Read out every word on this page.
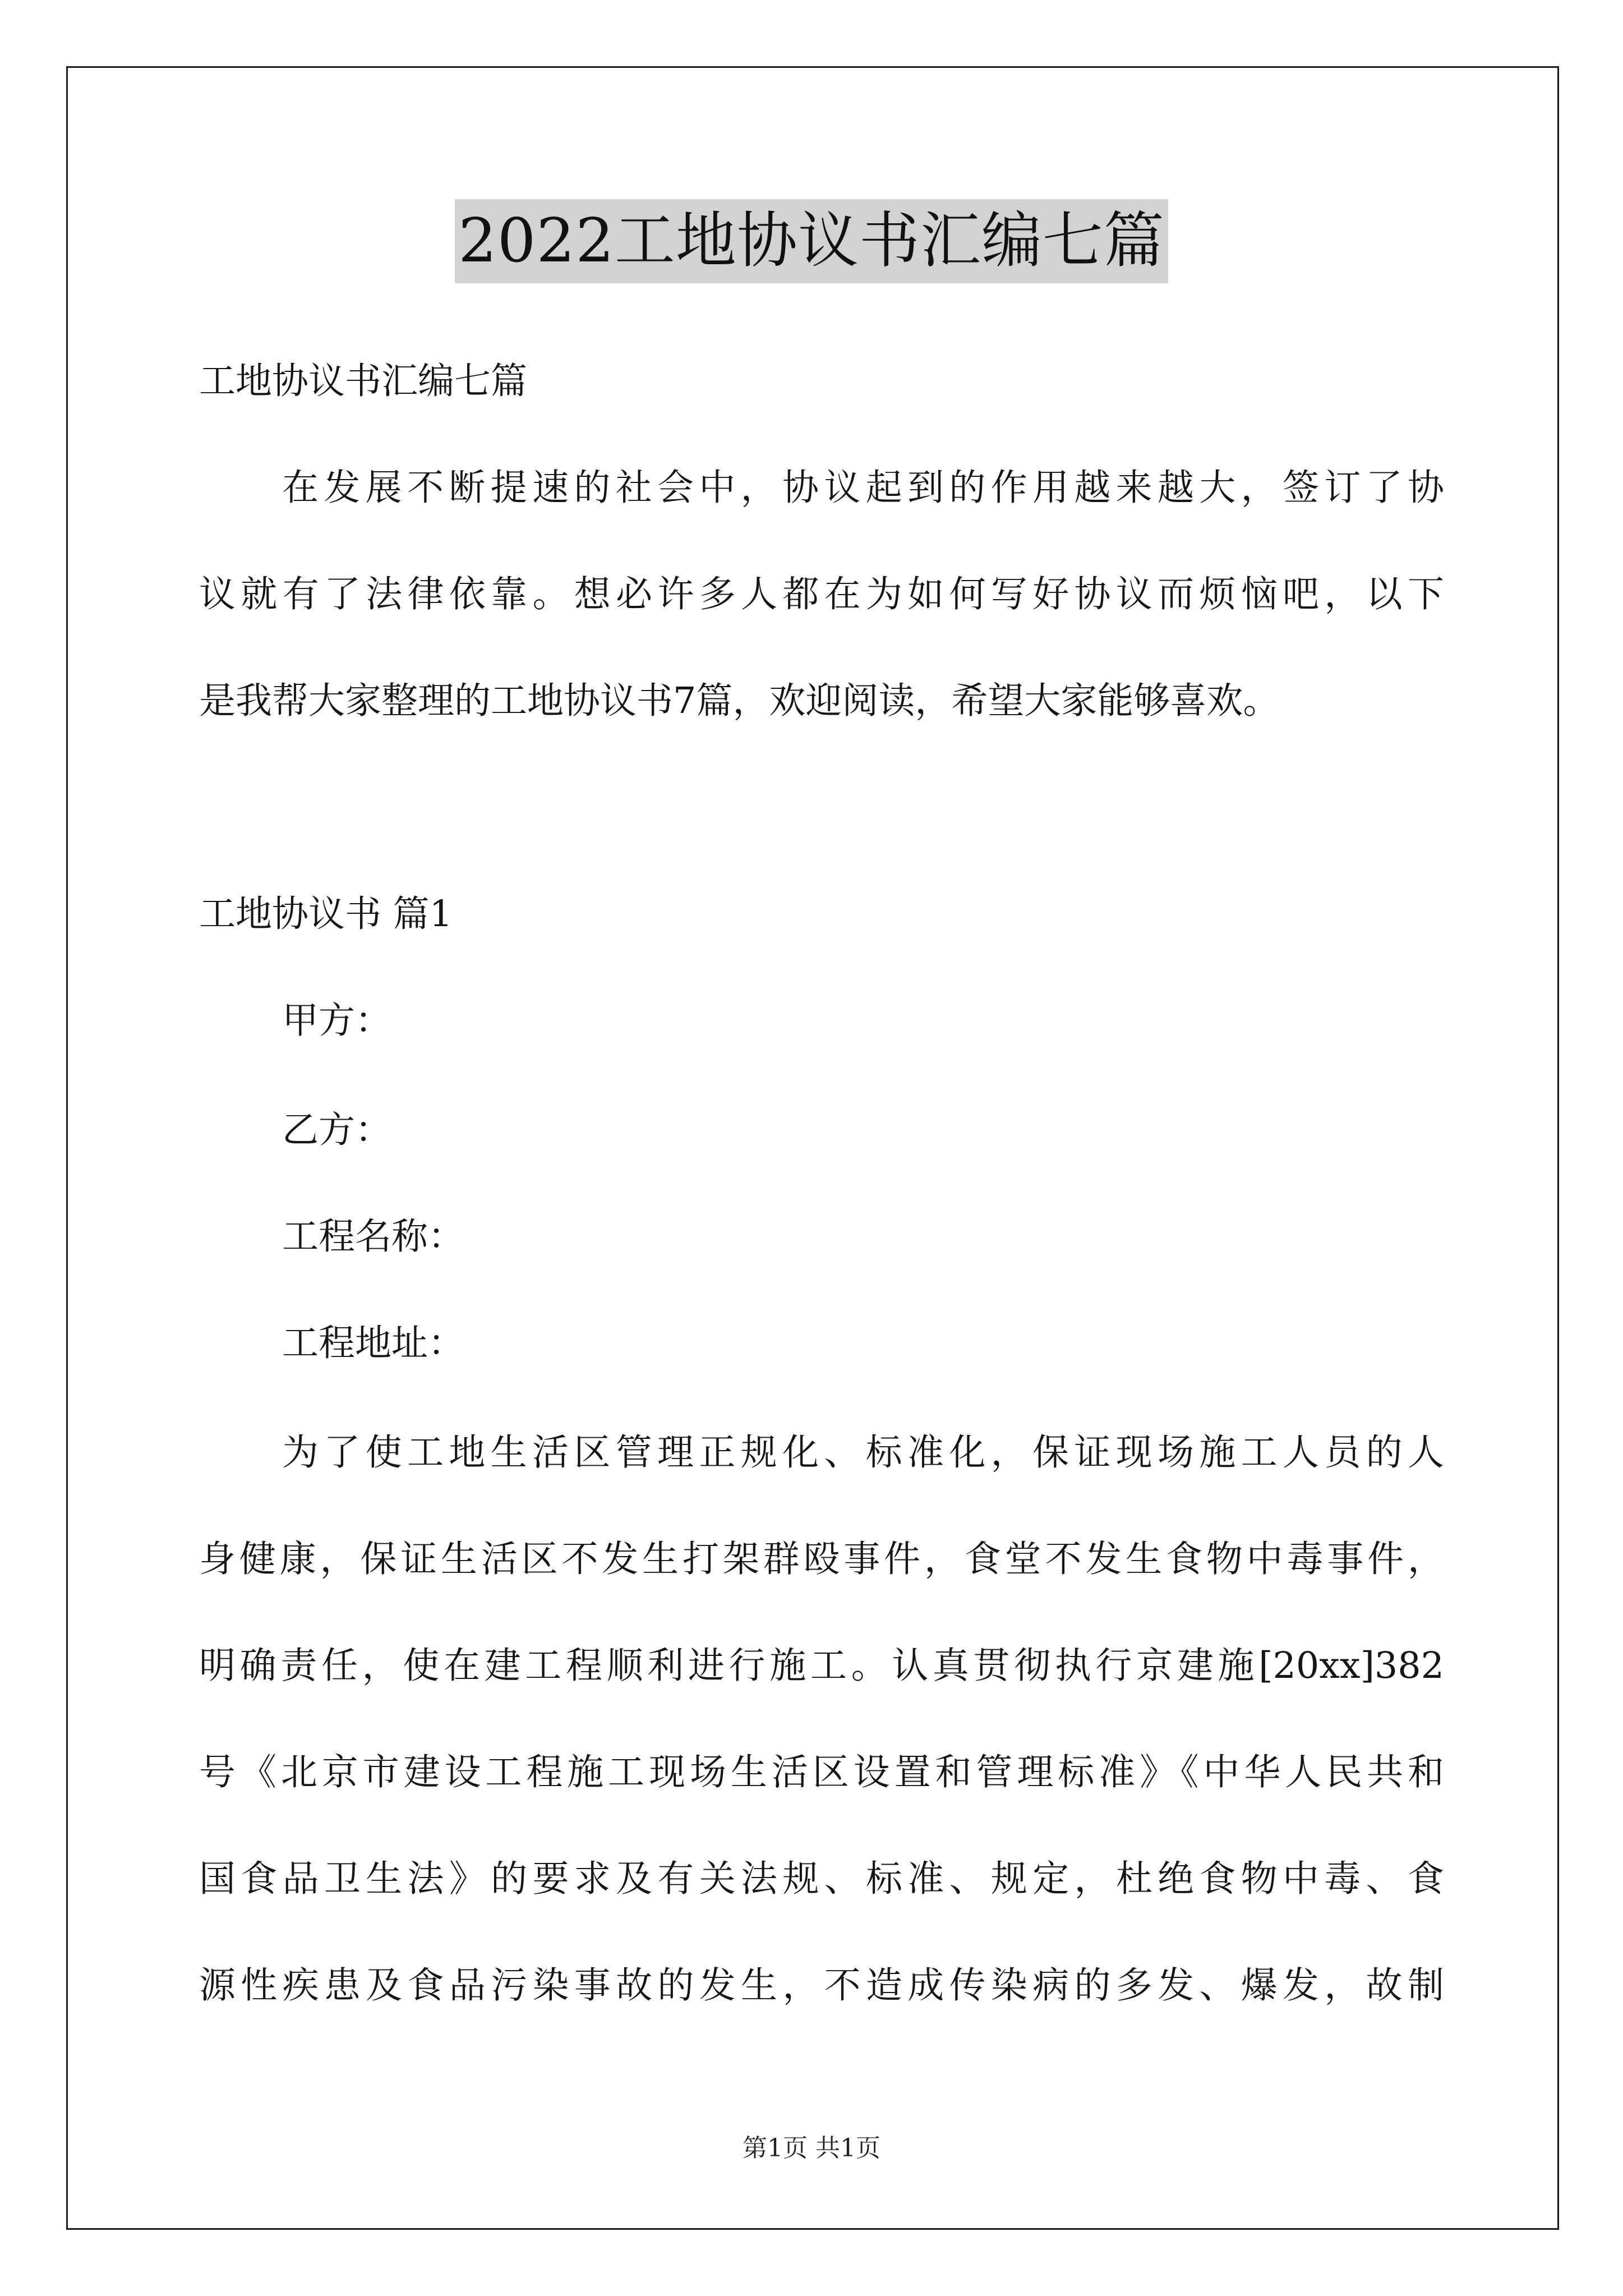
2022工地协议书汇编七篇
工地协议书汇编七篇
在发展不断提速的社会中，协议起到的作用越来越大，签订了协
议就有了法律依靠。想必许多人都在为如何写好协议而烦恼吧，以下
是我帮大家整理的工地协议书7篇，欢迎阅读，希望大家能够喜欢。
工地协议书 篇1
甲方：
乙方：
工程名称：
工程地址：
为了使工地生活区管理正规化、标准化，保证现场施工人员的人
身健康，保证生活区不发生打架群殴事件，食堂不发生食物中毒事件，
明确责任，使在建工程顺利进行施工。认真贯彻执行京建施[20xx]382
号《北京市建设工程施工现场生活区设置和管理标准》《中华人民共和
国食品卫生法》的要求及有关法规、标准、规定，杜绝食物中毒、食
源性疾患及食品污染事故的发生，不造成传染病的多发、爆发，故制
第1页 共1页
